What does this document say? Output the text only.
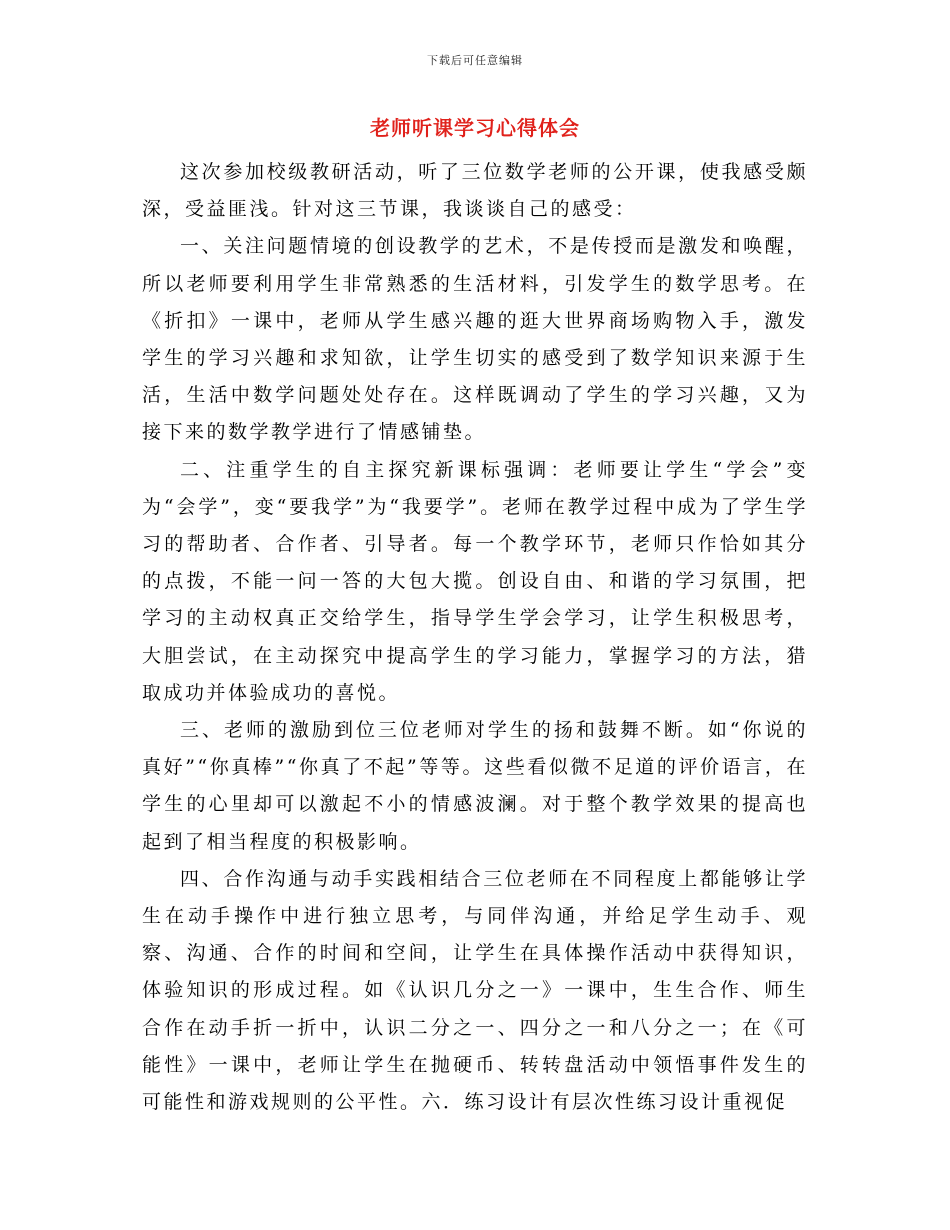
下载后可任意编辑
老师听课学习心得体会

这次参加校级教研活动，听了三位数学老师的公开课，使我感受颇深，受益匪浅。针对这三节课，我谈谈自己的感受：

一、关注问题情境的创设教学的艺术，不是传授而是激发和唤醒，所以老师要利用学生非常熟悉的生活材料，引发学生的数学思考。在《折扣》一课中，老师从学生感兴趣的逛大世界商场购物入手，激发学生的学习兴趣和求知欲，让学生切实的感受到了数学知识来源于生活，生活中数学问题处处存在。这样既调动了学生的学习兴趣，又为接下来的数学教学进行了情感铺垫。

二、注重学生的自主探究新课标强调：老师要让学生“学会”变为“会学”，变“要我学”为“我要学”。老师在教学过程中成为了学生学习的帮助者、合作者、引导者。每一个教学环节，老师只作恰如其分的点拨，不能一问一答的大包大揽。创设自由、和谐的学习氛围，把学习的主动权真正交给学生，指导学生学会学习，让学生积极思考，大胆尝试，在主动探究中提高学生的学习能力，掌握学习的方法，猎取成功并体验成功的喜悦。

三、老师的激励到位三位老师对学生的扬和鼓舞不断。如“你说的真好”“你真棒”“你真了不起”等等。这些看似微不足道的评价语言，在学生的心里却可以激起不小的情感波澜。对于整个教学效果的提高也起到了相当程度的积极影响。

四、合作沟通与动手实践相结合三位老师在不同程度上都能够让学生在动手操作中进行独立思考，与同伴沟通，并给足学生动手、观察、沟通、合作的时间和空间，让学生在具体操作活动中获得知识，体验知识的形成过程。如《认识几分之一》一课中，生生合作、师生合作在动手折一折中，认识二分之一、四分之一和八分之一；在《可能性》一课中，老师让学生在抛硬币、转转盘活动中领悟事件发生的可能性和游戏规则的公平性。六．练习设计有层次性练习设计重视促
